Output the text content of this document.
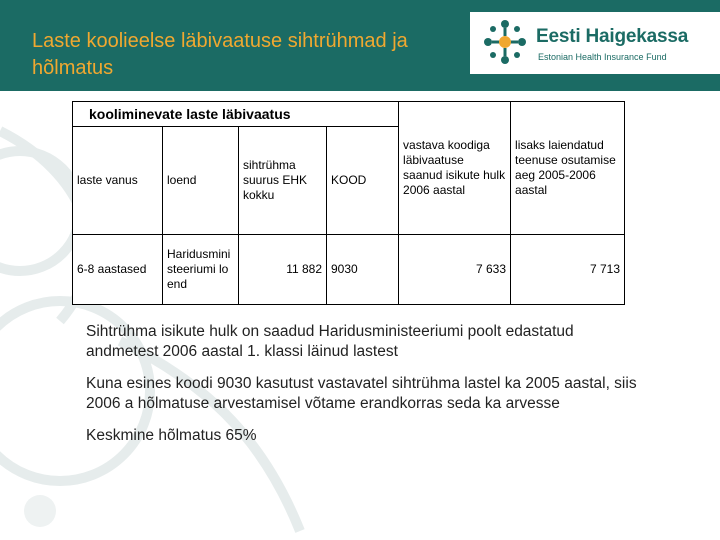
Laste koolieelse läbivaatuse sihtrühmad ja hõlmatus
Eesti Haigekassa
Estonian Health Insurance Fund
kooliminevate laste läbivaatus				vastava koodiga läbivaatuse saanud isikute hulk 2006 aastal	lisaks laiendatud teenuse osutamise aeg 2005-2006 aastal
laste vanus	loend	sihtrühma suurus EHK kokku	KOOD		
6-8 aastased	Haridusministeeriumi loend	11 882	9030	7 633	7 713

Sihtrühma isikute hulk on saadud Haridusministeeriumi poolt edastatud andmetest 2006 aastal 1. klassi läinud lastest

Kuna esines koodi 9030 kasutust vastavatel sihtrühma lastel ka 2005 aastal, siis 2006 a hõlmatuse arvestamisel võtame erandkorras seda ka arvesse

Keskmine hõlmatus 65%
